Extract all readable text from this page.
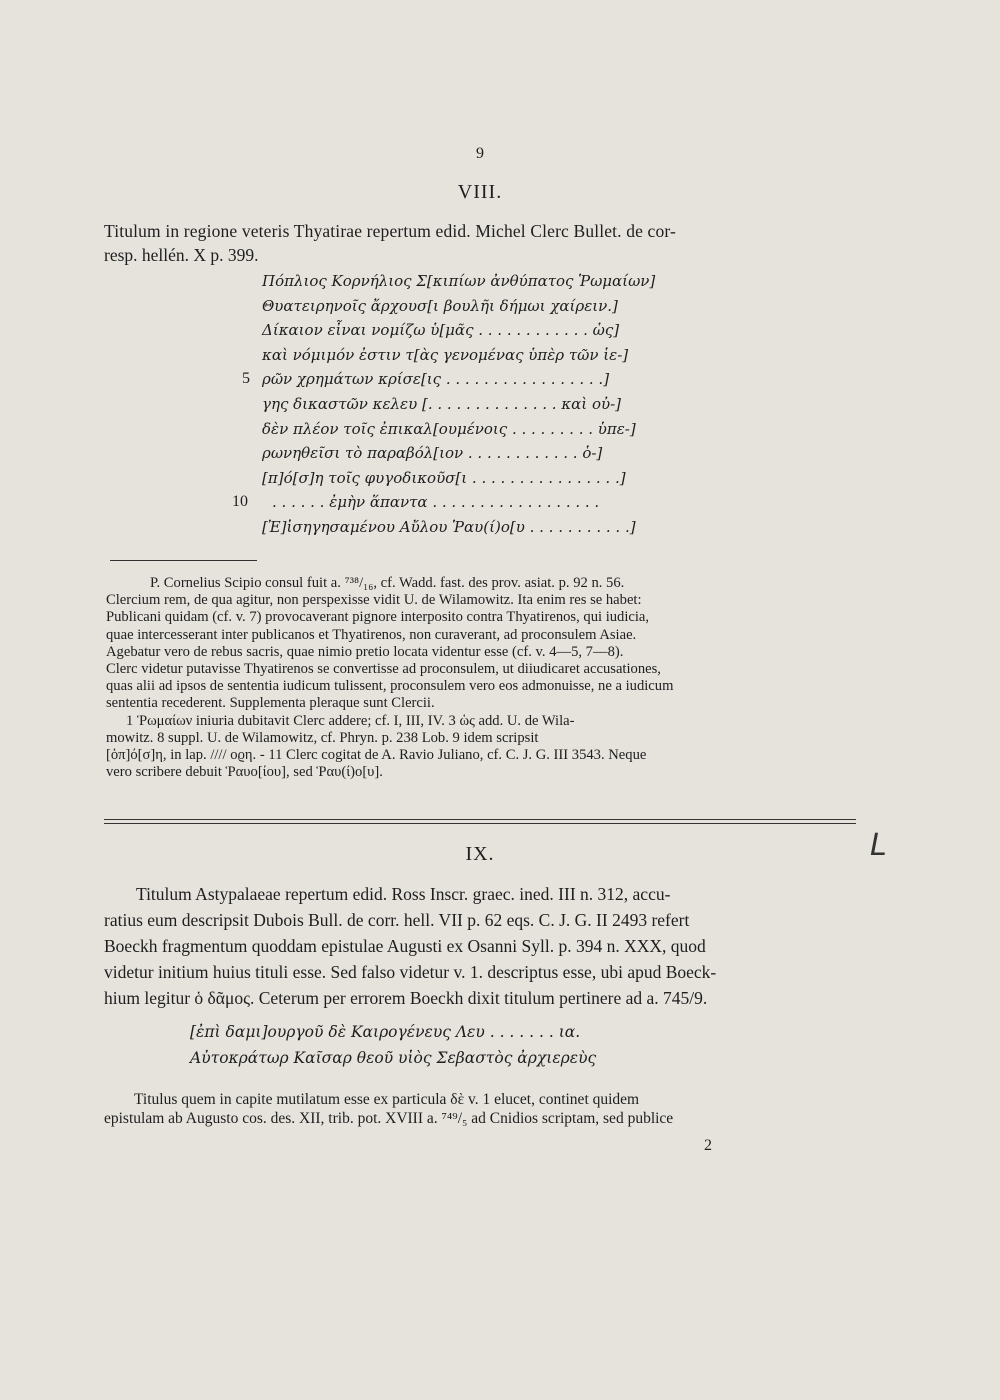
9
VIII.
Titulum in regione veteris Thyatirae repertum edid. Michel Clerc Bullet. de cor-
resp. hellén. X p. 399.
Πόπλιος Κορνήλιος Σ[κιπίων ἀνθύπατος Ῥωμαίων]
Θυατειρηνοῖς ἄρχουσ[ι βουλῆι δήμωι χαίρειν.]
Δίκαιον εἶναι νομίζω ὑ[μᾶς . . . . . . . . . . . . ὡς]
καὶ νόμιμόν ἐστιν τ[ὰς γενομένας ὑπὲρ τῶν ἱε-]
5 ρῶν χρημάτων κρίσε[ις . . . . . . . . . . . . . . . . .]
γης δικαστῶν κελευ [. . . . . . . . . . . . . . καὶ οὐ-]
δὲν πλέον τοῖς ἐπικαλ[ουμένοις . . . . . . . . . ὑπε-]
ρωνηθεῖσι τὸ παραβόλ[ιον . . . . . . . . . . . . ὁ-]
[π]ό[σ]η τοῖς φυγοδικοῦσ[ι . . . . . . . . . . . . . . . .]
10 . . . . . . ἐμὴν ἅπαντα . . . . . . . . . . . . . . . . . .
[Ἐ]ἰσηγησαμένου Αὔλου Ῥαυ(ί)ο[υ . . . . . . . . . . .]
P. Cornelius Scipio consul fuit a. ⁷³⁸/₁₆, cf. Wadd. fast. des prov. asiat. p. 92 n. 56.
Clercium rem, de qua agitur, non perspexisse vidit U. de Wilamowitz. Ita enim res se habet:
Publicani quidam (cf. v. 7) provocaverant pignore interposito contra Thyatirenos, qui iudicia,
quae intercesserant inter publicanos et Thyatirenos, non curaverant, ad proconsulem Asiae.
Agebatur vero de rebus sacris, quae nimio pretio locata videntur esse (cf. v. 4—5, 7—8).
Clerc videtur putavisse Thyatirenos se convertisse ad proconsulem, ut diiudicaret accusationes,
quas alii ad ipsos de sententia iudicum tulissent, proconsulem vero eos admonuisse, ne a iudicum
sententia recederent. Supplementa pleraque sunt Clercii.
1 Ῥωμαίων iniuria dubitavit Clerc addere; cf. I, III, IV. 3 ὡς add. U. de Wila-
mowitz. 8 suppl. U. de Wilamowitz, cf. Phryn. p. 238 Lob. 9 idem scripsit
[ὁπ]ό[σ]η, in lap. //// οϱη. - 11 Clerc cogitat de A. Ravio Juliano, cf. C. J. G. III 3543. Neque
vero scribere debuit Ῥαυο[ίου], sed Ῥαυ(ί)ο[υ].
IX.
Titulum Astypalaeae repertum edid. Ross Inscr. graec. ined. III n. 312, accu-
ratius eum descripsit Dubois Bull. de corr. hell. VII p. 62 eqs. C. J. G. II 2493 refert
Boeckh fragmentum quoddam epistulae Augusti ex Osanni Syll. p. 394 n. XXX, quod
videtur initium huius tituli esse. Sed falso videtur v. 1. descriptus esse, ubi apud Boeck-
hium legitur ὁ δᾶμος. Ceterum per errorem Boeckh dixit titulum pertinere ad a. 745/9.
[ἐπὶ δαμι]ουργοῦ δὲ Καιρογένευς Λευ . . . . . . . ια.
Αὐτοκράτωρ Καῖσαρ θεοῦ υἱὸς Σεβαστὸς ἀρχιερεὺς
Titulus quem in capite mutilatum esse ex particula δὲ v. 1 elucet, continet quidem
epistulam ab Augusto cos. des. XII, trib. pot. XVIII a. ⁷⁴⁹/₅ ad Cnidios scriptam, sed publice
2
L
